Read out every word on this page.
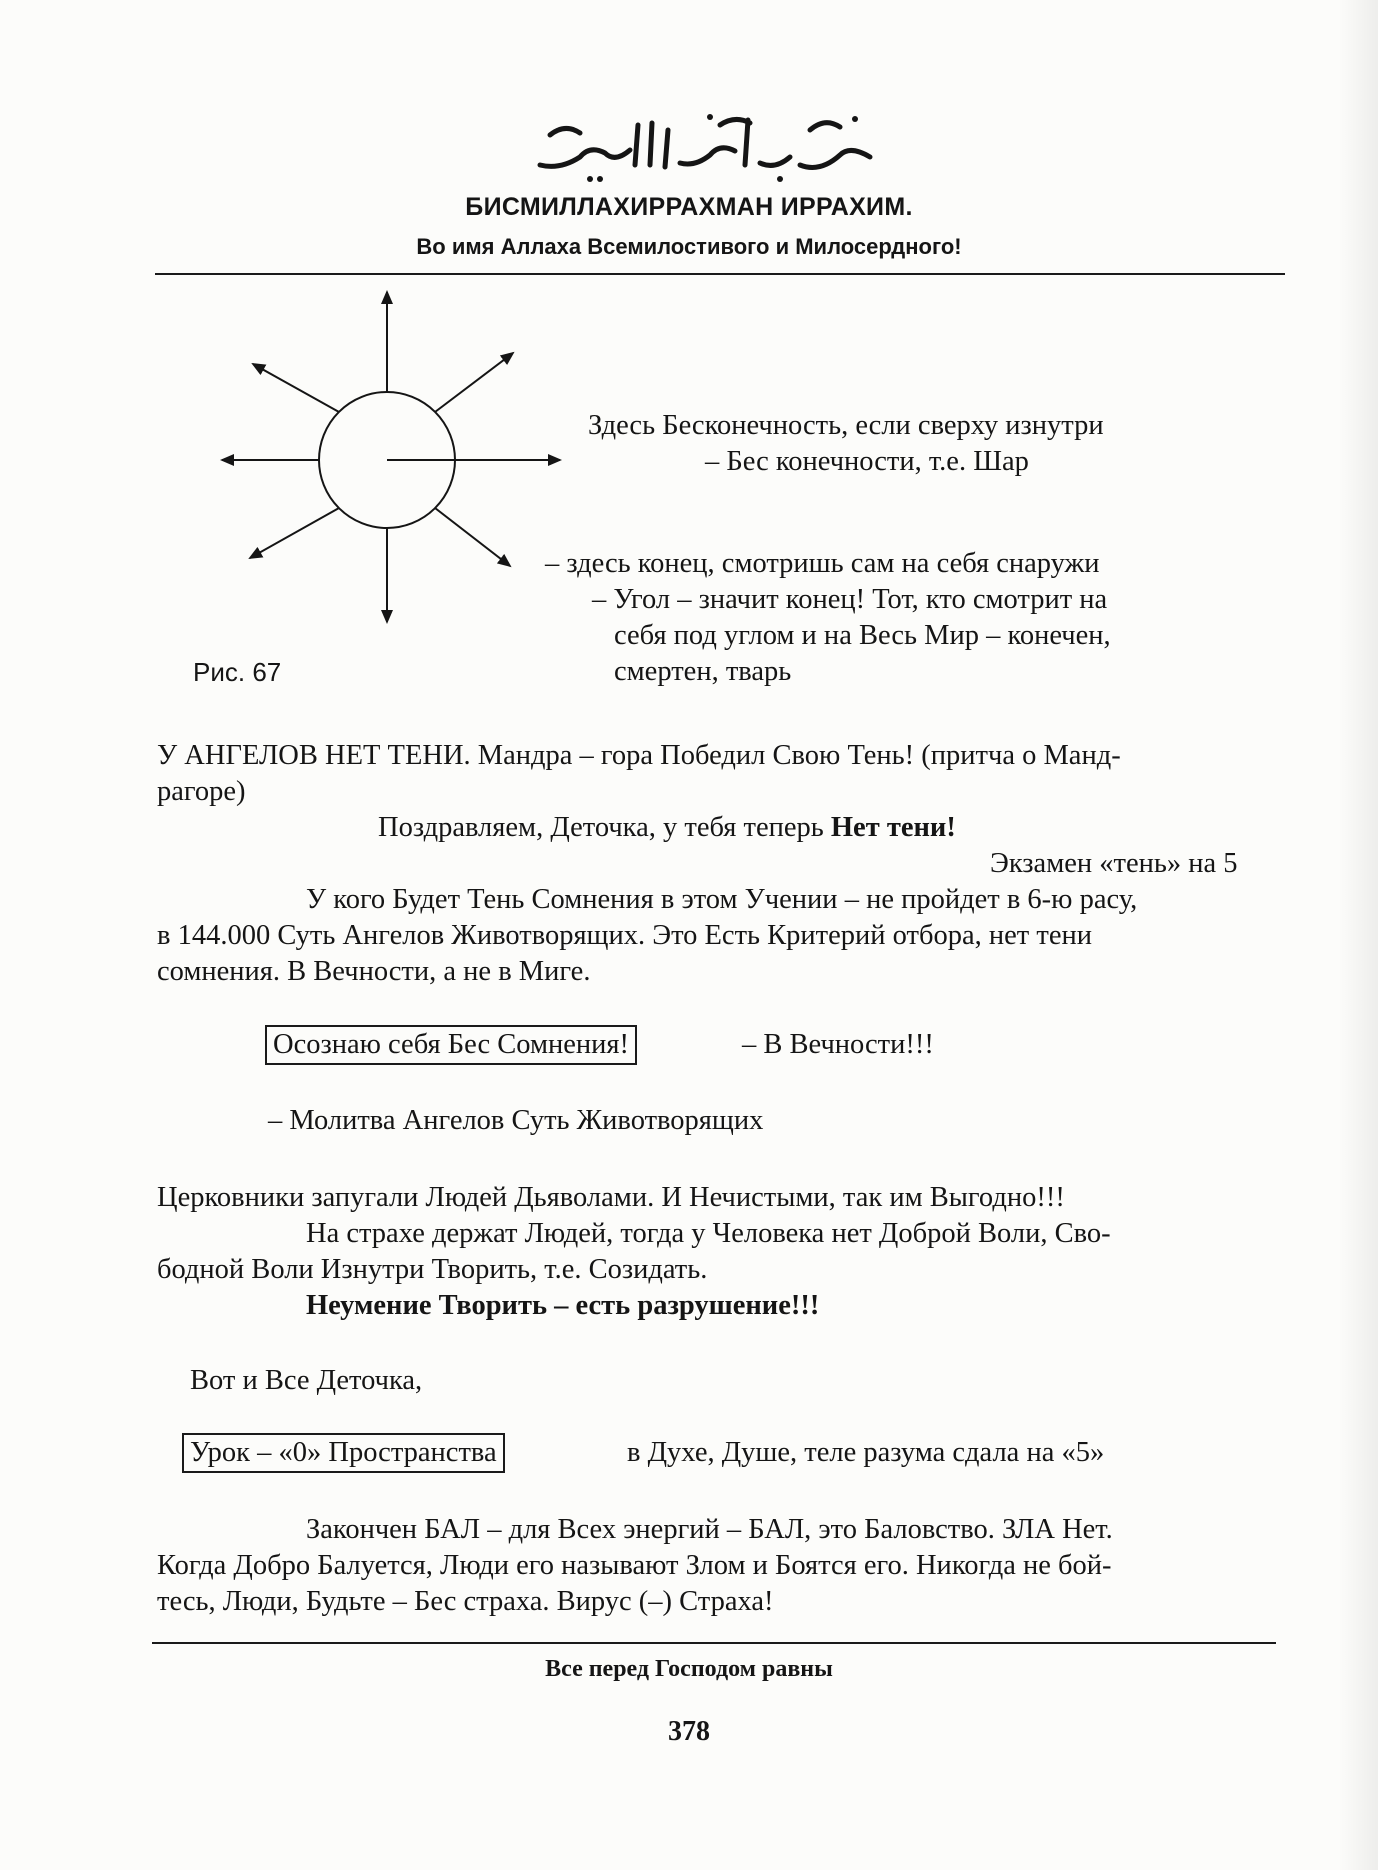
БИСМИЛЛАХИРРАХМАН ИРРАХИМ.
Во имя Аллаха Всемилостивого и Милосердного!
Здесь Бесконечность, если сверху изнутри
– Бес конечности, т.е. Шар
– здесь конец, смотришь сам на себя снаружи
– Угол – значит конец! Тот, кто смотрит на
себя под углом и на Весь Мир – конечен,
смертен, тварь
Рис. 67
У АНГЕЛОВ НЕТ ТЕНИ. Мандра – гора Победил Свою Тень! (притча о Манд-
рагоре)
Поздравляем, Деточка, у тебя теперь Нет тени!
Экзамен «тень» на 5
У кого Будет Тень Сомнения в этом Учении – не пройдет в 6-ю расу,
в 144.000 Суть Ангелов Животворящих. Это Есть Критерий отбора, нет тени
сомнения. В Вечности, а не в Миге.
Осознаю себя Бес Сомнения!	– В Вечности!!!
– Молитва Ангелов Суть Животворящих
Церковники запугали Людей Дьяволами. И Нечистыми, так им Выгодно!!!
На страхе держат Людей, тогда у Человека нет Доброй Воли, Сво-
бодной Воли Изнутри Творить, т.е. Созидать.
Неумение Творить – есть разрушение!!!
Вот и Все Деточка,
Урок – «0» Пространства	в Духе, Душе, теле разума сдала на «5»
Закончен БАЛ – для Всех энергий – БАЛ, это Баловство. ЗЛА Нет.
Когда Добро Балуется, Люди его называют Злом и Боятся его. Никогда не бой-
тесь, Люди, Будьте – Бес страха. Вирус (–) Страха!
Все перед Господом равны
378
